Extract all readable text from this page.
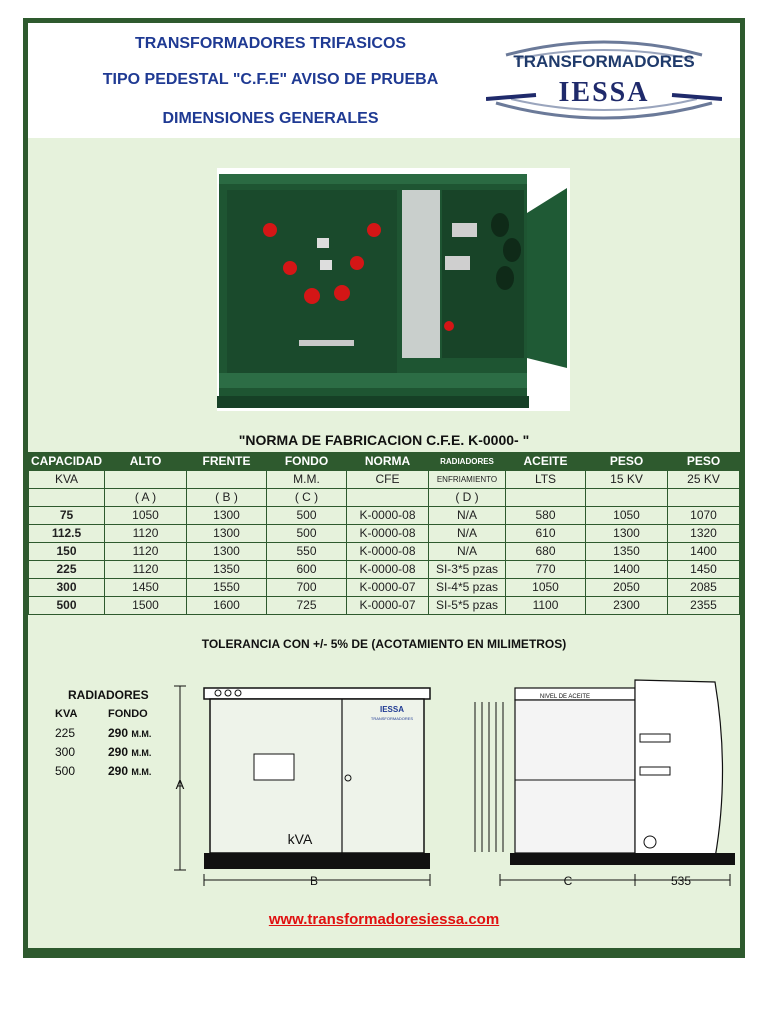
TRANSFORMADORES TRIFASICOS
TIPO PEDESTAL "C.F.E" AVISO DE PRUEBA
DIMENSIONES GENERALES
TRANSFORMADORES
IESSA
"NORMA DE FABRICACION C.F.E. K-0000- "
CAPACIDAD	ALTO	FRENTE	FONDO	NORMA	RADIADORES	ACEITE	PESO	PESO
KVA			M.M.	CFE	ENFRIAMIENTO	LTS	15 KV	25 KV
	( A )	( B )	( C )		( D )			
75	1050	1300	500	K-0000-08	N/A	580	1050	1070
112.5	1120	1300	500	K-0000-08	N/A	610	1300	1320
150	1120	1300	550	K-0000-08	N/A	680	1350	1400
225	1120	1350	600	K-0000-08	SI-3*5 pzas	770	1400	1450
300	1450	1550	700	K-0000-07	SI-4*5 pzas	1050	2050	2085
500	1500	1600	725	K-0000-07	SI-5*5 pzas	1100	2300	2355
TOLERANCIA CON +/- 5% DE (ACOTAMIENTO EN MILIMETROS)
RADIADORES
KVA	FONDO
225	290 M.M.
300	290 M.M.
500	290 M.M.
A
IESSA
TRANSFORMADORES
kVA
B
NIVEL DE ACEITE
C	535
www.transformadoresiessa.com
